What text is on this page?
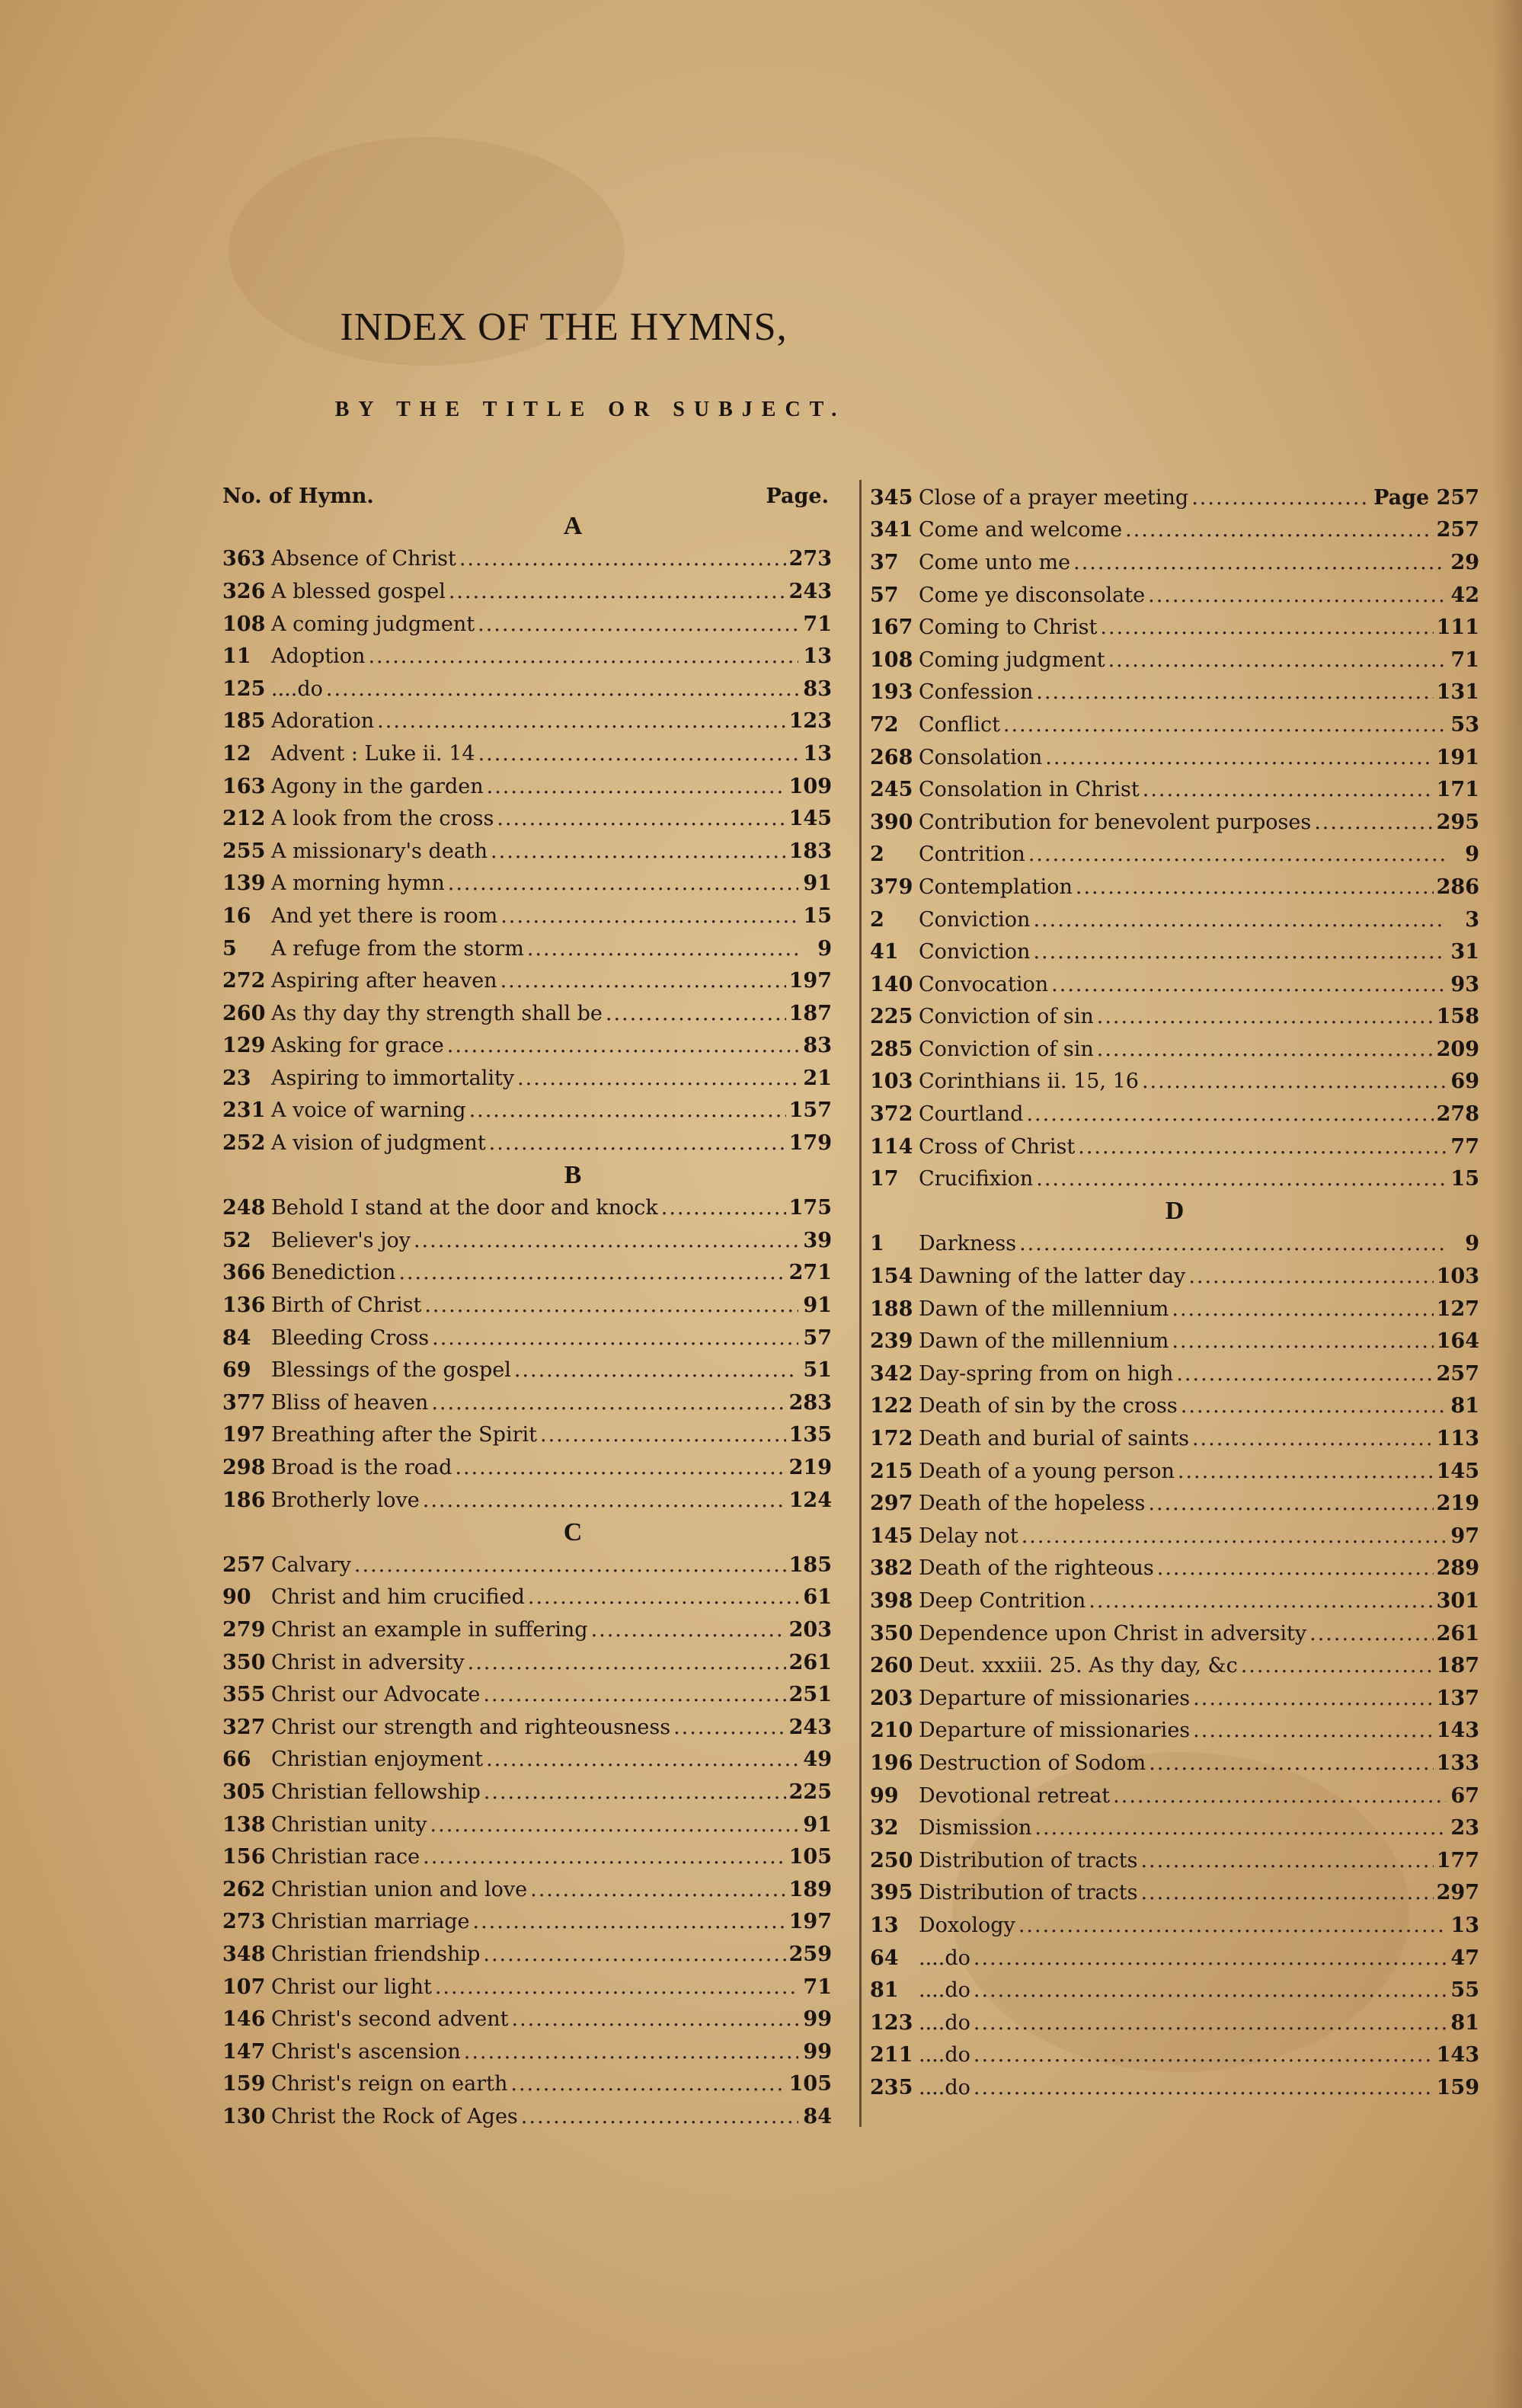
INDEX OF THE HYMNS,
BY THE TITLE OR SUBJECT.
No. of Hymn.	Page.
A
363 Absence of Christ .....	273
326 A blessed gospel .....	243
108 A coming judgment .....	71
11 Adoption .....	13
125 ....do .....	83
185 Adoration .....	123
12 Advent : Luke ii. 14 .....	13
163 Agony in the garden .....	109
212 A look from the cross .....	145
255 A missionary's death .....	183
139 A morning hymn .....	91
16 And yet there is room .....	15
5	A refuge from the storm .....	9
272 Aspiring after heaven .....	197
260 As thy day thy strength shall be .....	187
129 Asking for grace .....	83
23 Aspiring to immortality .....	21
231 A voice of warning .....	157
252 A vision of judgment .....	179
B
248 Behold I stand at the door and knock .....	175
52 Believer's joy .....	39
366 Benediction .....	271
136 Birth of Christ .....	91
84 Bleeding Cross .....	57
69 Blessings of the gospel .....	51
377 Bliss of heaven .....	283
197 Breathing after the Spirit .....	135
298 Broad is the road .....	219
186 Brotherly love .....	124
C
257 Calvary .....	185
90 Christ and him crucified .....	61
279 Christ an example in suffering .....	203
350 Christ in adversity .....	261
355 Christ our Advocate .....	251
327 Christ our strength and righteousness .....	243
66 Christian enjoyment .....	49
305 Christian fellowship .....	225
138 Christian unity .....	91
156 Christian race .....	105
262 Christian union and love .....	189
273 Christian marriage .....	197
348 Christian friendship .....	259
107 Christ our light .....	71
146 Christ's second advent .....	99
147 Christ's ascension .....	99
159 Christ's reign on earth .....	105
130 Christ the Rock of Ages .....	84
345 Close of a prayer meeting .....	Page 257
341 Come and welcome .....	257
37 Come unto me .....	29
57 Come ye disconsolate .....	42
167 Coming to Christ .....	111
108 Coming judgment .....	71
193 Confession .....	131
72 Conflict .....	53
268 Consolation .....	191
245 Consolation in Christ .....	171
390 Contribution for benevolent purposes .....	295
2	Contrition .....	9
379 Contemplation .....	286
2	Conviction .....	3
41 Conviction .....	31
140 Convocation .....	93
225 Conviction of sin .....	158
285 Conviction of sin .....	209
103 Corinthians ii. 15, 16 .....	69
372 Courtland .....	278
114 Cross of Christ .....	77
17 Crucifixion .....	15
D
1	Darkness .....	9
154 Dawning of the latter day .....	103
188 Dawn of the millennium .....	127
239 Dawn of the millennium .....	164
342 Day-spring from on high .....	257
122 Death of sin by the cross .....	81
172 Death and burial of saints .....	113
215 Death of a young person .....	145
297 Death of the hopeless .....	219
145 Delay not .....	97
382 Death of the righteous .....	289
398 Deep Contrition .....	301
350 Dependence upon Christ in adversity .....	261
260 Deut. xxxiii. 25. As thy day, &c .....	187
203 Departure of missionaries .....	137
210 Departure of missionaries .....	143
196 Destruction of Sodom .....	133
99 Devotional retreat .....	67
32 Dismission .....	23
250 Distribution of tracts .....	177
395 Distribution of tracts .....	297
13 Doxology .....	13
64 ....do .....	47
81 ....do .....	55
123 ....do .....	81
211 ....do .....	143
235 ....do .....	159
